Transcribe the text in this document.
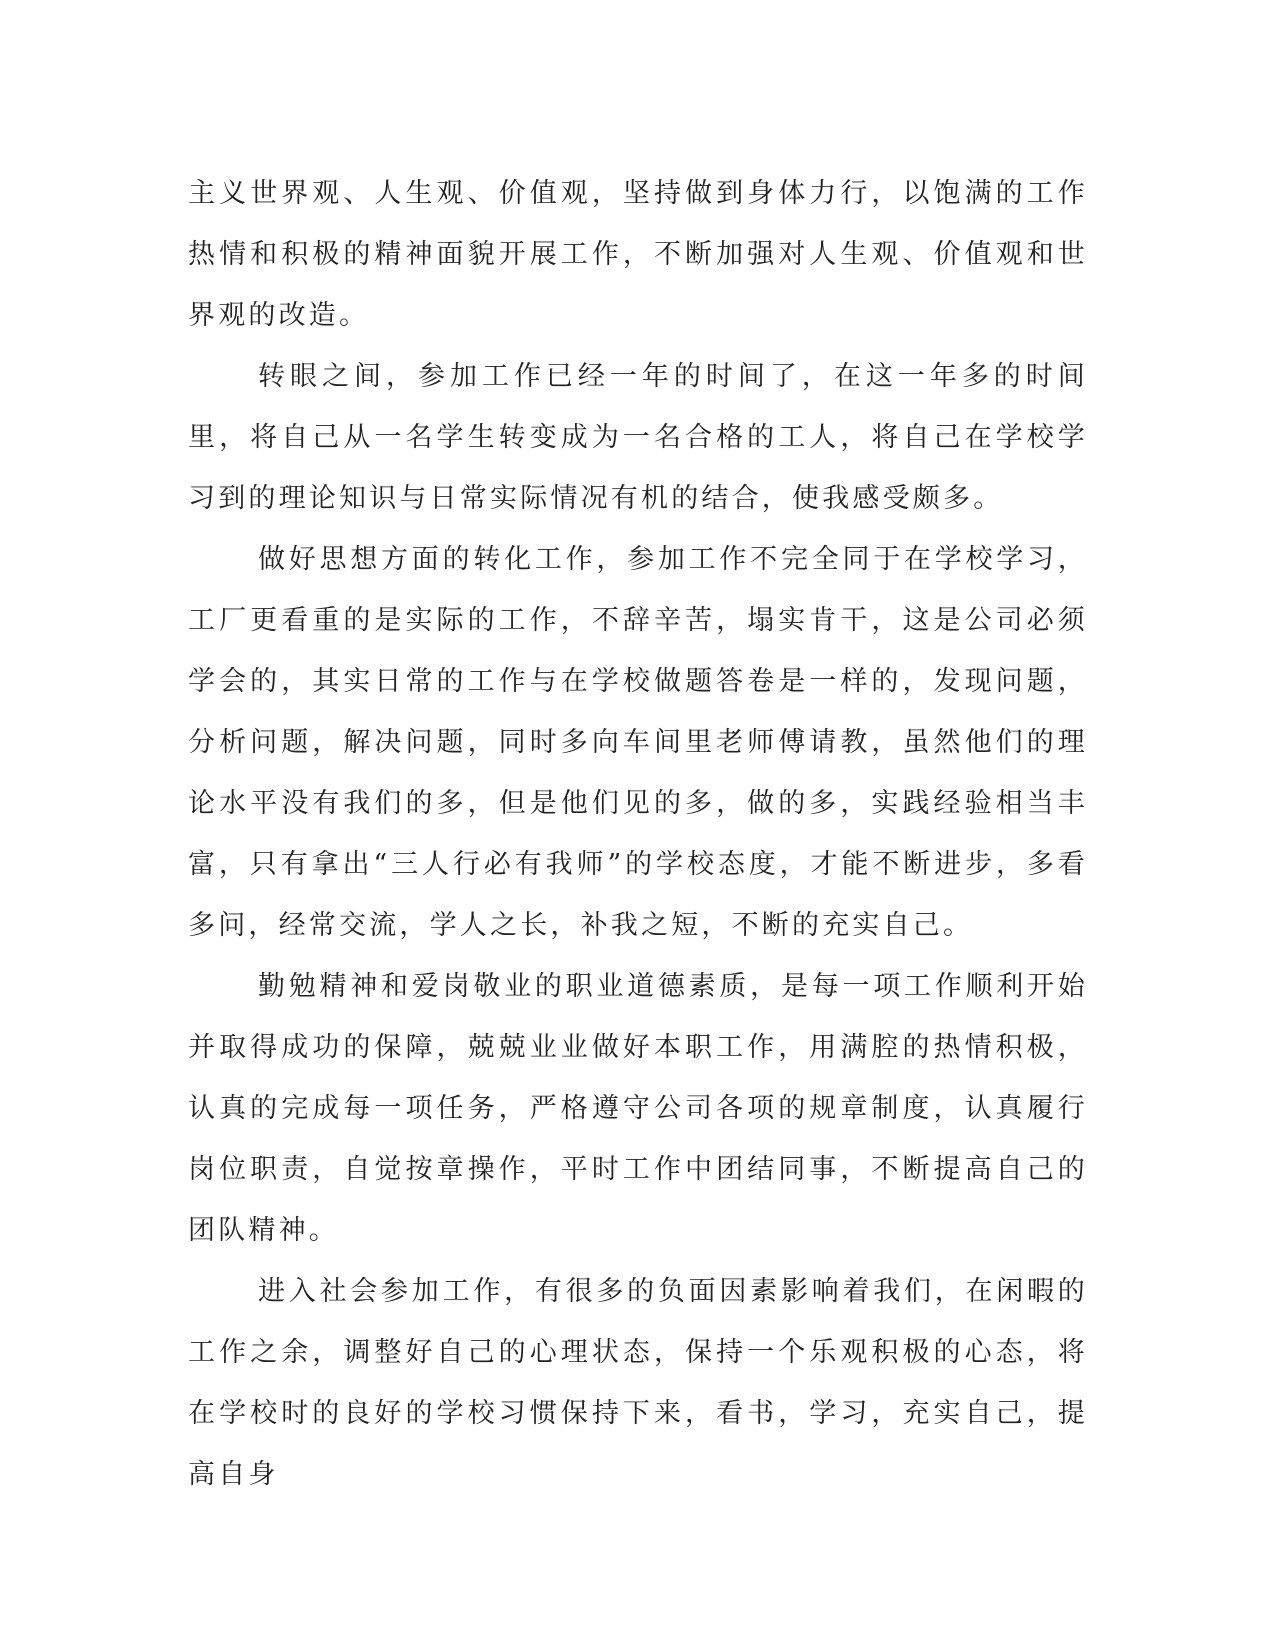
主义世界观、人生观、价值观，坚持做到身体力行，以饱满的工作热情和积极的精神面貌开展工作，不断加强对人生观、价值观和世界观的改造。

转眼之间，参加工作已经一年的时间了，在这一年多的时间里，将自己从一名学生转变成为一名合格的工人，将自己在学校学习到的理论知识与日常实际情况有机的结合，使我感受颇多。

做好思想方面的转化工作，参加工作不完全同于在学校学习，工厂更看重的是实际的工作，不辞辛苦，塌实肯干，这是公司必须学会的，其实日常的工作与在学校做题答卷是一样的，发现问题，分析问题，解决问题，同时多向车间里老师傅请教，虽然他们的理论水平没有我们的多，但是他们见的多，做的多，实践经验相当丰富，只有拿出“三人行必有我师”的学校态度，才能不断进步，多看多问，经常交流，学人之长，补我之短，不断的充实自己。

勤勉精神和爱岗敬业的职业道德素质，是每一项工作顺利开始并取得成功的保障，兢兢业业做好本职工作，用满腔的热情积极，认真的完成每一项任务，严格遵守公司各项的规章制度，认真履行岗位职责，自觉按章操作，平时工作中团结同事，不断提高自己的团队精神。

进入社会参加工作，有很多的负面因素影响着我们，在闲暇的工作之余，调整好自己的心理状态，保持一个乐观积极的心态，将在学校时的良好的学校习惯保持下来，看书，学习，充实自己，提高自身
